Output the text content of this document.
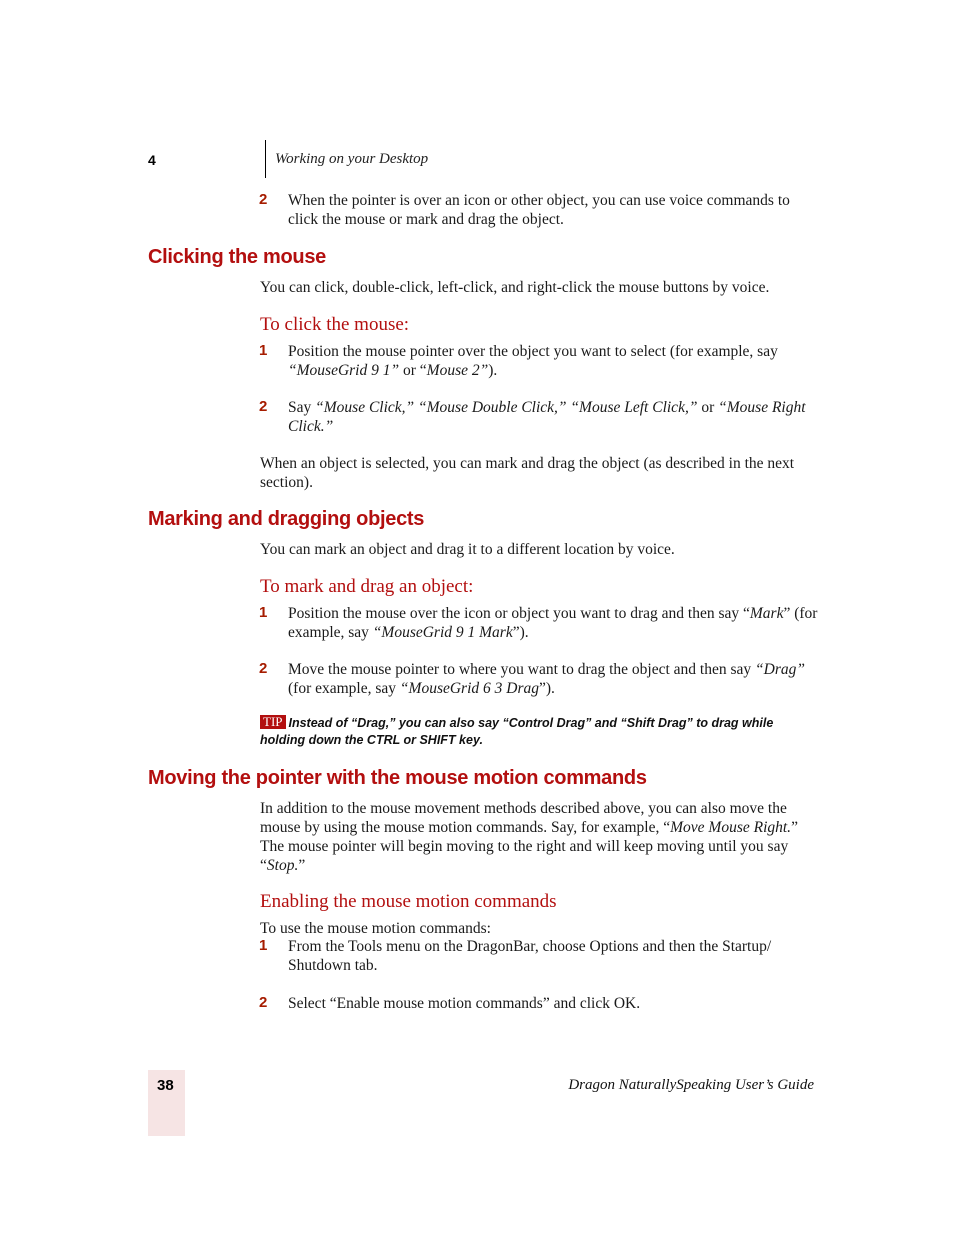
4	Working on your Desktop
2 When the pointer is over an icon or other object, you can use voice commands to click the mouse or mark and drag the object.
Clicking the mouse
You can click, double-click, left-click, and right-click the mouse buttons by voice.
To click the mouse:
1 Position the mouse pointer over the object you want to select (for example, say “MouseGrid 9 1” or “Mouse 2”).
2 Say “Mouse Click,” “Mouse Double Click,” “Mouse Left Click,” or “Mouse Right Click.”
When an object is selected, you can mark and drag the object (as described in the next section).
Marking and dragging objects
You can mark an object and drag it to a different location by voice.
To mark and drag an object:
1 Position the mouse over the icon or object you want to drag and then say “Mark” (for example, say “MouseGrid 9 1 Mark”).
2 Move the mouse pointer to where you want to drag the object and then say “Drag” (for example, say “MouseGrid 6 3 Drag”).
TIP Instead of “Drag,” you can also say “Control Drag” and “Shift Drag” to drag while holding down the CTRL or SHIFT key.
Moving the pointer with the mouse motion commands
In addition to the mouse movement methods described above, you can also move the mouse by using the mouse motion commands. Say, for example, “Move Mouse Right.” The mouse pointer will begin moving to the right and will keep moving until you say “Stop.”
Enabling the mouse motion commands
To use the mouse motion commands:
1 From the Tools menu on the DragonBar, choose Options and then the Startup/ Shutdown tab.
2 Select “Enable mouse motion commands” and click OK.
38	Dragon NaturallySpeaking User’s Guide
